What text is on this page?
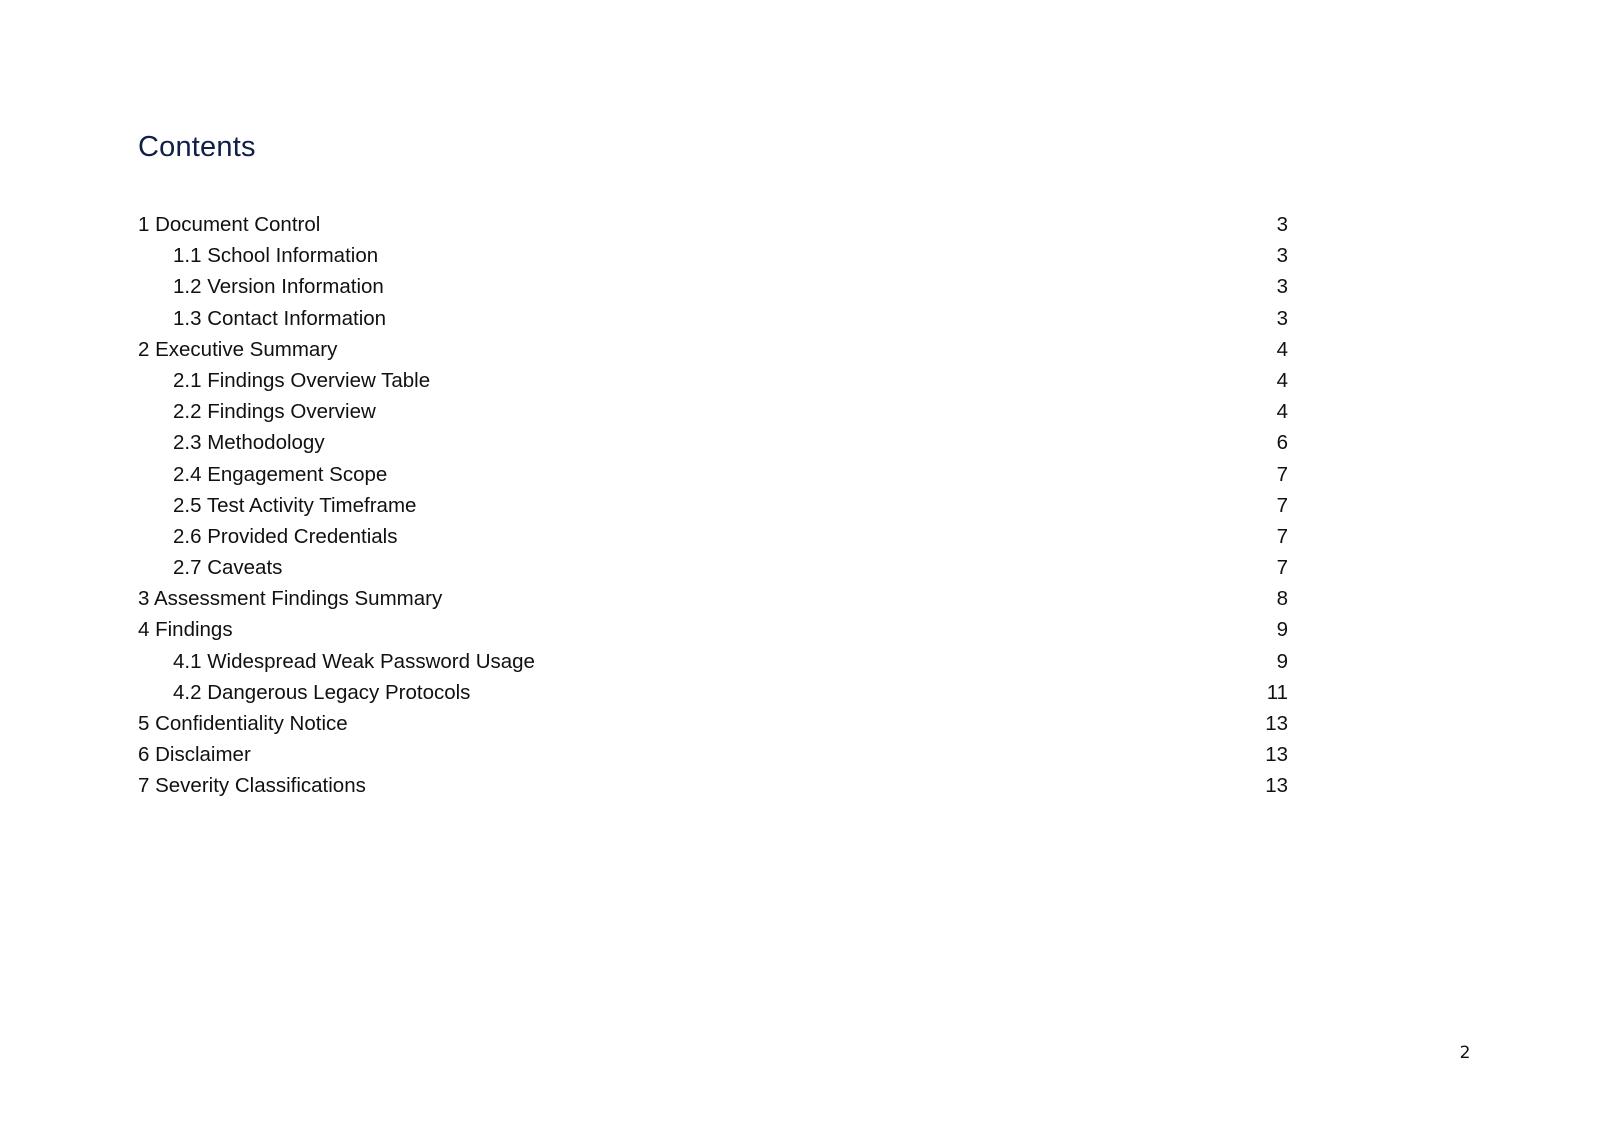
Contents
1 Document Control	3
1.1 School Information	3
1.2 Version Information	3
1.3 Contact Information	3
2 Executive Summary	4
2.1 Findings Overview Table	4
2.2 Findings Overview	4
2.3 Methodology	6
2.4 Engagement Scope	7
2.5 Test Activity Timeframe	7
2.6 Provided Credentials	7
2.7 Caveats	7
3 Assessment Findings Summary	8
4 Findings	9
4.1 Widespread Weak Password Usage	9
4.2 Dangerous Legacy Protocols	11
5 Confidentiality Notice	13
6 Disclaimer	13
7 Severity Classifications	13
2
